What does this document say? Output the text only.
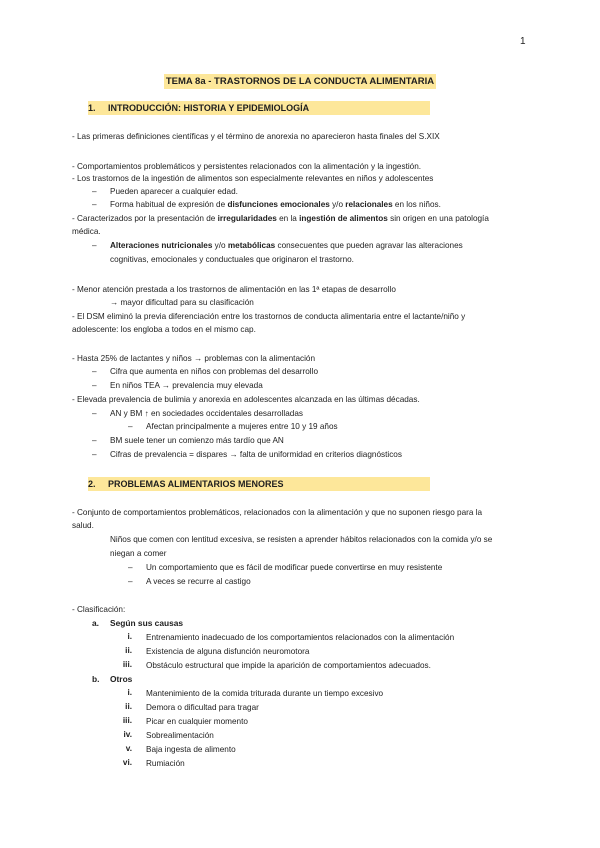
1
TEMA 8a - TRASTORNOS DE LA CONDUCTA ALIMENTARIA
1. INTRODUCCIÓN: HISTORIA Y EPIDEMIOLOGÍA
- Las primeras definiciones científicas y el término de anorexia no aparecieron hasta finales del S.XIX
- Comportamientos problemáticos y persistentes relacionados con la alimentación y la ingestión.
- Los trastornos de la ingestión de alimentos son especialmente relevantes en niños y adolescentes
– Pueden aparecer a cualquier edad.
– Forma habitual de expresión de disfunciones emocionales y/o relacionales en los niños.
- Caracterizados por la presentación de irregularidades en la ingestión de alimentos sin origen en una patología
médica.
– Alteraciones nutricionales y/o metabólicas consecuentes que pueden agravar las alteraciones
cognitivas, emocionales y conductuales que originaron el trastorno.
- Menor atención prestada a los trastornos de alimentación en las 1ª etapas de desarrollo
→ mayor dificultad para su clasificación
- El DSM eliminó la previa diferenciación entre los trastornos de conducta alimentaria entre el lactante/niño y
adolescente: los engloba a todos en el mismo cap.
- Hasta 25% de lactantes y niños → problemas con la alimentación
– Cifra que aumenta en niños con problemas del desarrollo
– En niños TEA → prevalencia muy elevada
- Elevada prevalencia de bulimia y anorexia en adolescentes alcanzada en las últimas décadas.
– AN y BM ↑ en sociedades occidentales desarrolladas
– Afectan principalmente a mujeres entre 10 y 19 años
– BM suele tener un comienzo más tardío que AN
– Cifras de prevalencia = dispares → falta de uniformidad en criterios diagnósticos
2. PROBLEMAS ALIMENTARIOS MENORES
- Conjunto de comportamientos problemáticos, relacionados con la alimentación y que no suponen riesgo para la
salud.
Niños que comen con lentitud excesiva, se resisten a aprender hábitos relacionados con la comida y/o se
niegan a comer
– Un comportamiento que es fácil de modificar puede convertirse en muy resistente
– A veces se recurre al castigo
- Clasificación:
a. Según sus causas
i. Entrenamiento inadecuado de los comportamientos relacionados con la alimentación
ii. Existencia de alguna disfunción neuromotora
iii. Obstáculo estructural que impide la aparición de comportamientos adecuados.
b. Otros
i. Mantenimiento de la comida triturada durante un tiempo excesivo
ii. Demora o dificultad para tragar
iii. Picar en cualquier momento
iv. Sobrealimentación
v. Baja ingesta de alimento
vi. Rumiación
